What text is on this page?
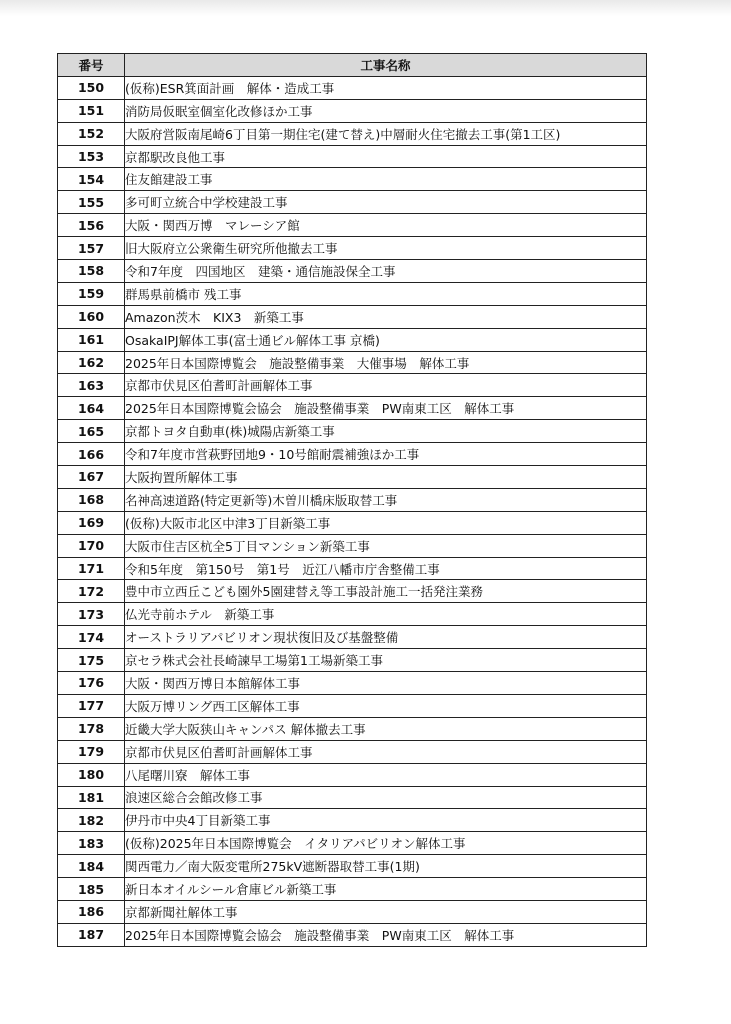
番号	工事名称
150	(仮称)ESR箕面計画　解体・造成工事
151	消防局仮眠室個室化改修ほか工事
152	大阪府営阪南尾崎6丁目第一期住宅(建て替え)中層耐火住宅撤去工事(第1工区)
153	京都駅改良他工事
154	住友館建設工事
155	多可町立統合中学校建設工事
156	大阪・関西万博　マレーシア館
157	旧大阪府立公衆衛生研究所他撤去工事
158	令和7年度　四国地区　建築・通信施設保全工事
159	群馬県前橋市 残工事
160	Amazon茨木　KIX3　新築工事
161	OsakaIPJ解体工事(富士通ビル解体工事 京橋)
162	2025年日本国際博覧会　施設整備事業　大催事場　解体工事
163	京都市伏見区伯耆町計画解体工事
164	2025年日本国際博覧会協会　施設整備事業　PW南東工区　解体工事
165	京都トヨタ自動車(株)城陽店新築工事
166	令和7年度市営萩野団地9・10号館耐震補強ほか工事
167	大阪拘置所解体工事
168	名神高速道路(特定更新等)木曽川橋床版取替工事
169	(仮称)大阪市北区中津3丁目新築工事
170	大阪市住吉区杭全5丁目マンション新築工事
171	令和5年度　第150号　第1号　近江八幡市庁舎整備工事
172	豊中市立西丘こども園外5園建替え等工事設計施工一括発注業務
173	仏光寺前ホテル　新築工事
174	オーストラリアパビリオン現状復旧及び基盤整備
175	京セラ株式会社長崎諫早工場第1工場新築工事
176	大阪・関西万博日本館解体工事
177	大阪万博リング西工区解体工事
178	近畿大学大阪狭山キャンパス 解体撤去工事
179	京都市伏見区伯耆町計画解体工事
180	八尾曙川寮　解体工事
181	浪速区総合会館改修工事
182	伊丹市中央4丁目新築工事
183	(仮称)2025年日本国際博覧会　イタリアパビリオン解体工事
184	関西電力／南大阪変電所275kV遮断器取替工事(1期)
185	新日本オイルシール倉庫ビル新築工事
186	京都新聞社解体工事
187	2025年日本国際博覧会協会　施設整備事業　PW南東工区　解体工事
